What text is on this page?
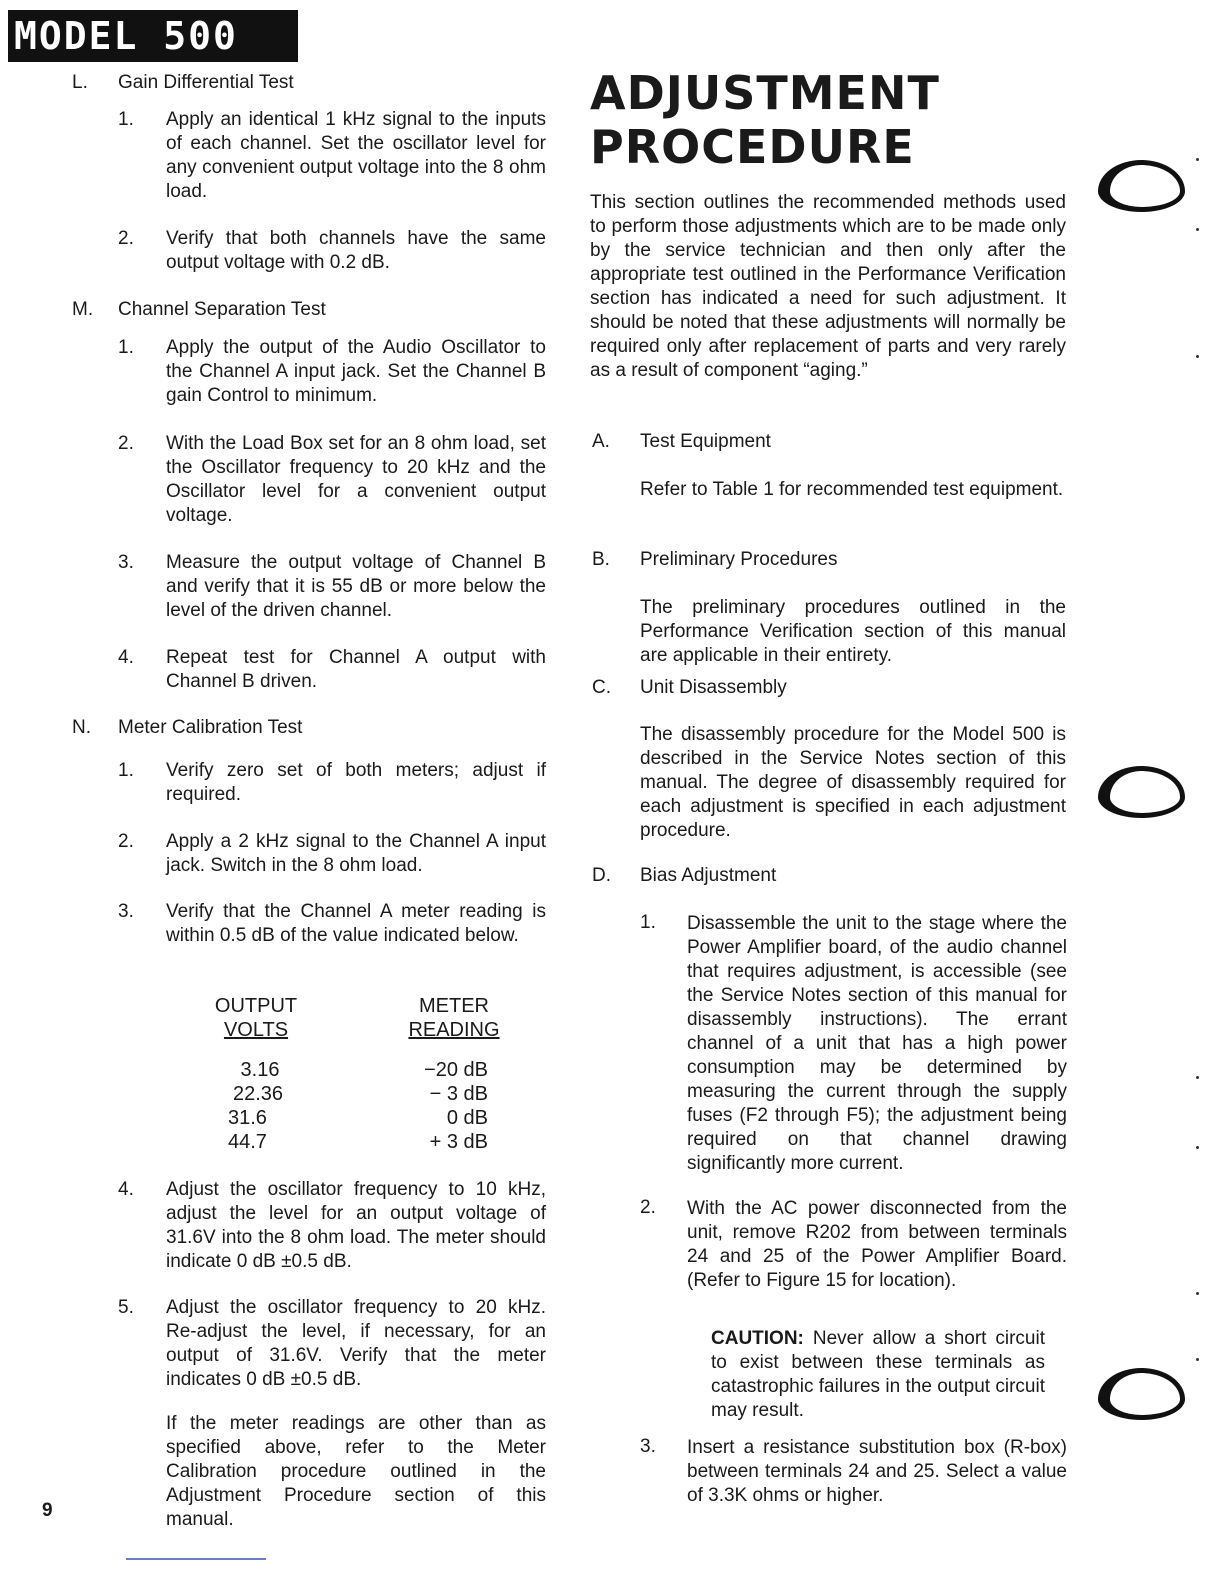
MODEL 500
L. Gain Differential Test
1. Apply an identical 1 kHz signal to the inputs of each channel. Set the oscillator level for any convenient output voltage into the 8 ohm load.
2. Verify that both channels have the same output voltage with 0.2 dB.
M. Channel Separation Test
1. Apply the output of the Audio Oscillator to the Channel A input jack. Set the Channel B gain Control to minimum.
2. With the Load Box set for an 8 ohm load, set the Oscillator frequency to 20 kHz and the Oscillator level for a convenient output voltage.
3. Measure the output voltage of Channel B and verify that it is 55 dB or more below the level of the driven channel.
4. Repeat test for Channel A output with Channel B driven.
N. Meter Calibration Test
1. Verify zero set of both meters; adjust if required.
2. Apply a 2 kHz signal to the Channel A input jack. Switch in the 8 ohm load.
3. Verify that the Channel A meter reading is within 0.5 dB of the value indicated below.
OUTPUT
VOLTS
METER
READING
3.16	−20 dB
22.36	− 3 dB
31.6	0 dB
44.7	+ 3 dB
4. Adjust the oscillator frequency to 10 kHz, adjust the level for an output voltage of 31.6V into the 8 ohm load. The meter should indicate 0 dB ±0.5 dB.
5. Adjust the oscillator frequency to 20 kHz. Re-adjust the level, if necessary, for an output of 31.6V. Verify that the meter indicates 0 dB ±0.5 dB.
If the meter readings are other than as specified above, refer to the Meter Calibration procedure outlined in the Adjustment Procedure section of this manual.
ADJUSTMENT
PROCEDURE
This section outlines the recommended methods used to perform those adjustments which are to be made only by the service technician and then only after the appropriate test outlined in the Performance Verification section has indicated a need for such adjustment. It should be noted that these adjustments will normally be required only after replacement of parts and very rarely as a result of component “aging.”
A. Test Equipment
Refer to Table 1 for recommended test equipment.
B. Preliminary Procedures
The preliminary procedures outlined in the Performance Verification section of this manual are applicable in their entirety.
C. Unit Disassembly
The disassembly procedure for the Model 500 is described in the Service Notes section of this manual. The degree of disassembly required for each adjustment is specified in each adjustment procedure.
D. Bias Adjustment
1. Disassemble the unit to the stage where the Power Amplifier board, of the audio channel that requires adjustment, is accessible (see the Service Notes section of this manual for disassembly instructions). The errant channel of a unit that has a high power consumption may be determined by measuring the current through the supply fuses (F2 through F5); the adjustment being required on that channel drawing significantly more current.
2. With the AC power disconnected from the unit, remove R202 from between terminals 24 and 25 of the Power Amplifier Board. (Refer to Figure 15 for location).
CAUTION: Never allow a short circuit to exist between these terminals as catastrophic failures in the output circuit may result.
3. Insert a resistance substitution box (R-box) between terminals 24 and 25. Select a value of 3.3K ohms or higher.
9
